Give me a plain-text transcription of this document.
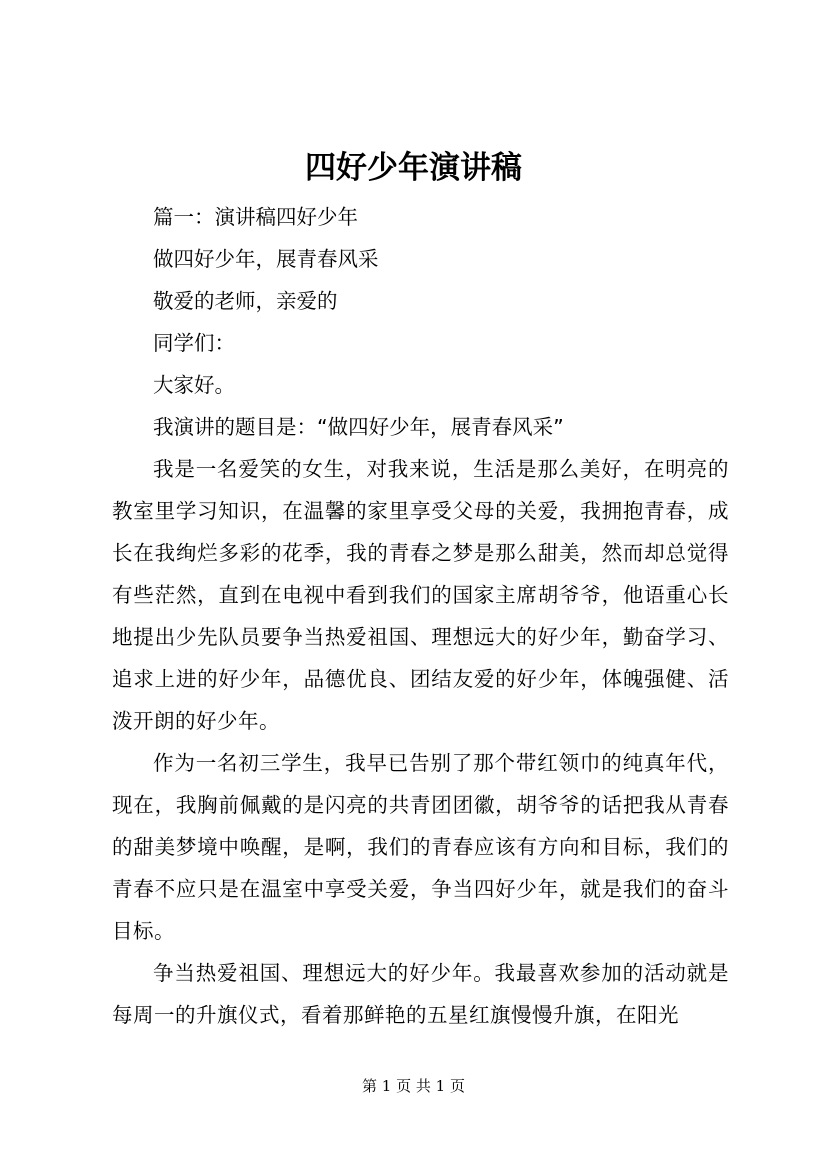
四好少年演讲稿

篇一：演讲稿四好少年

做四好少年，展青春风采

敬爱的老师，亲爱的

同学们：

大家好。

我演讲的题目是：“做四好少年，展青春风采”

我是一名爱笑的女生，对我来说，生活是那么美好，在明亮的教室里学习知识，在温馨的家里享受父母的关爱，我拥抱青春，成长在我绚烂多彩的花季，我的青春之梦是那么甜美，然而却总觉得有些茫然，直到在电视中看到我们的国家主席胡爷爷，他语重心长地提出少先队员要争当热爱祖国、理想远大的好少年，勤奋学习、追求上进的好少年，品德优良、团结友爱的好少年，体魄强健、活泼开朗的好少年。

作为一名初三学生，我早已告别了那个带红领巾的纯真年代，现在，我胸前佩戴的是闪亮的共青团团徽，胡爷爷的话把我从青春的甜美梦境中唤醒，是啊，我们的青春应该有方向和目标，我们的青春不应只是在温室中享受关爱，争当四好少年，就是我们的奋斗目标。

争当热爱祖国、理想远大的好少年。我最喜欢参加的活动就是每周一的升旗仪式，看着那鲜艳的五星红旗慢慢升旗，在阳光

第 1 页 共 1 页
